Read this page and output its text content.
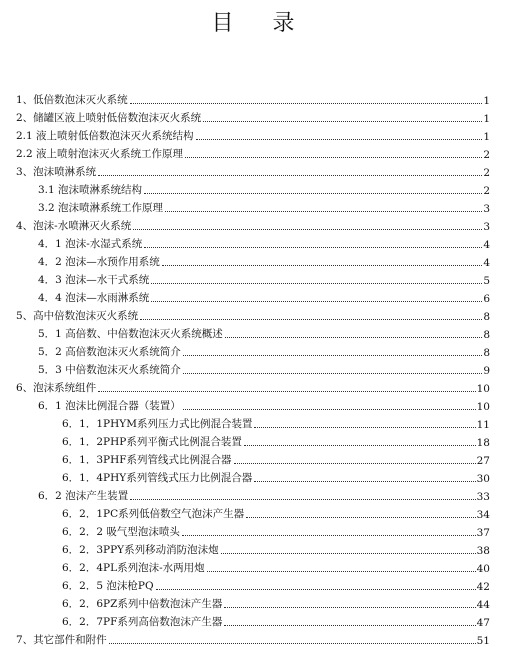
目 录
1、低倍数泡沫灭火系统	1
2、储罐区液上喷射低倍数泡沫灭火系统	1
2.1 液上喷射低倍数泡沫灭火系统结构	1
2.2 液上喷射泡沫灭火系统工作原理	2
3、泡沫喷淋系统	2
3.1 泡沫喷淋系统结构	2
3.2 泡沫喷淋系统工作原理	3
4、泡沫-水喷淋灭火系统	3
4．1 泡沫-水湿式系统	4
4．2 泡沫—水预作用系统	4
4．3 泡沫—水干式系统	5
4．4 泡沫—水雨淋系统	6
5、高中倍数泡沫灭火系统	8
5．1 高倍数、中倍数泡沫灭火系统概述	8
5．2 高倍数泡沫灭火系统简介	8
5．3 中倍数泡沫灭火系统简介	9
6、泡沫系统组件	10
6．1 泡沫比例混合器（装置）	10
6．1．1PHYM系列压力式比例混合装置	11
6．1．2PHP系列平衡式比例混合装置	18
6．1．3PHF系列管线式比例混合器	27
6．1．4PHY系列管线式压力比例混合器	30
6．2 泡沫产生装置	33
6．2．1PC系列低倍数空气泡沫产生器	34
6．2．2 吸气型泡沫喷头	37
6．2．3PPY系列移动消防泡沫炮	38
6．2．4PL系列泡沫-水两用炮	40
6．2．5 泡沫枪PQ	42
6．2．6PZ系列中倍数泡沫产生器	44
6．2．7PF系列高倍数泡沫产生器	47
7、其它部件和附件	51
